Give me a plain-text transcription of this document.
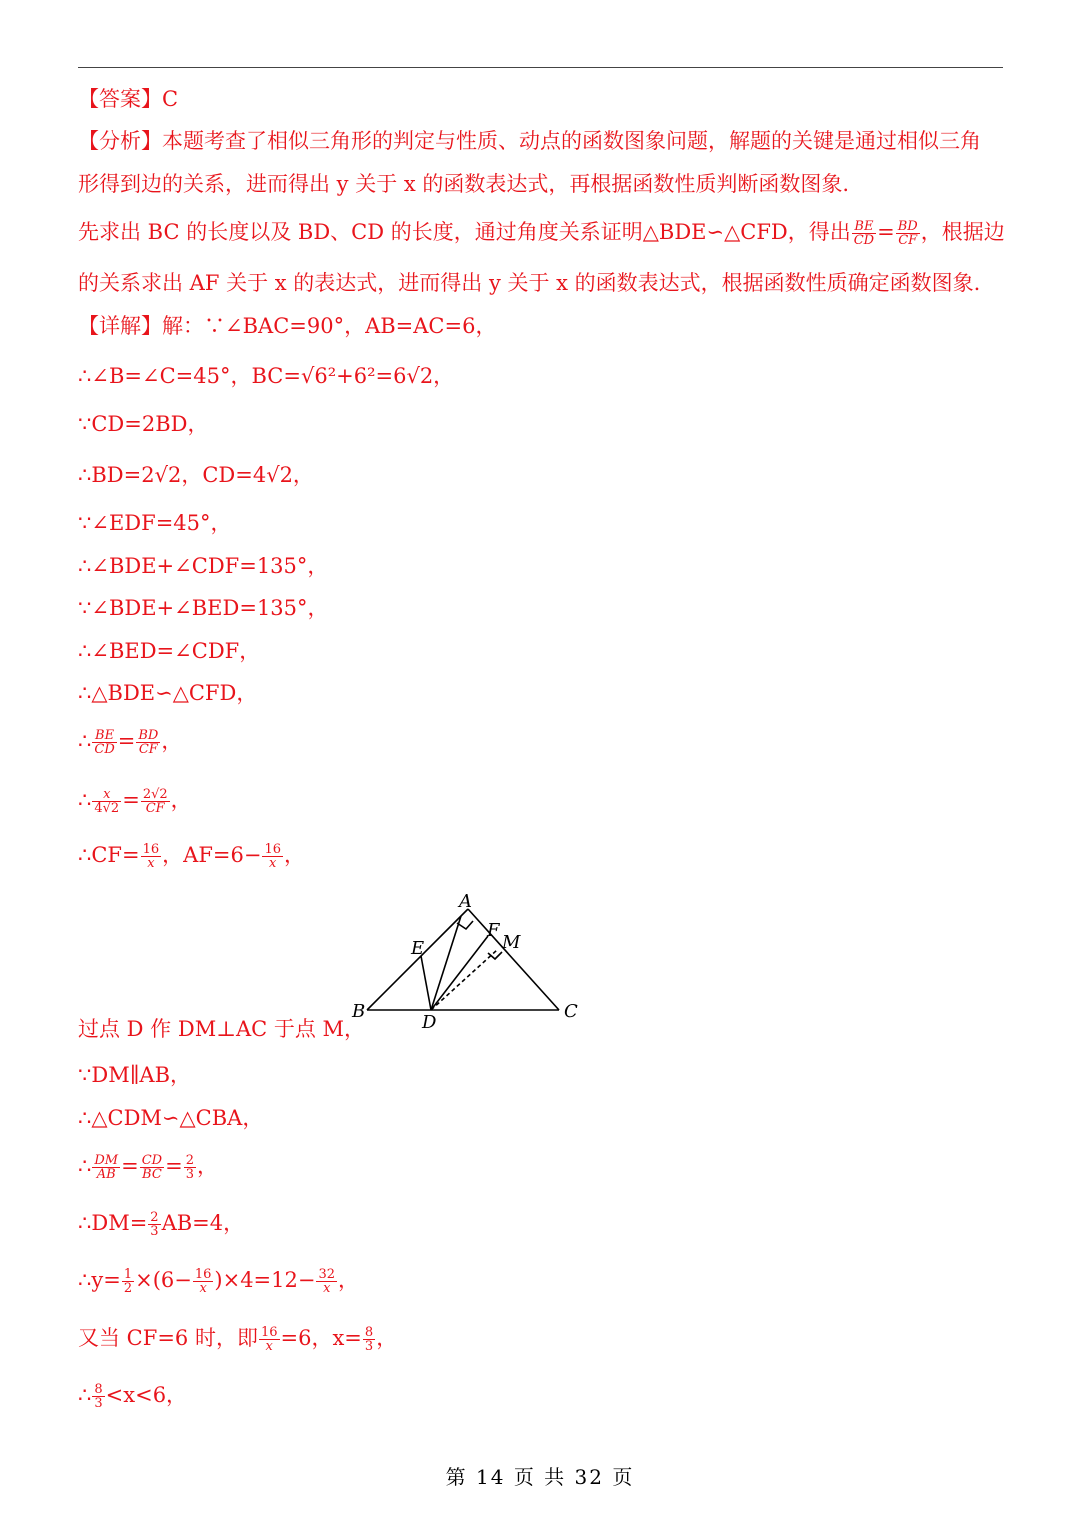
【答案】C
【分析】本题考查了相似三角形的判定与性质、动点的函数图象问题，解题的关键是通过相似三角
形得到边的关系，进而得出 y 关于 x 的函数表达式，再根据函数性质判断函数图象.
先求出 BC 的长度以及 BD、CD 的长度，通过角度关系证明△BDE∽△CFD，得出 $\frac{BE}{CD} = \frac{BD}{CF}$ ，根据边
的关系求出 AF 关于 x 的表达式，进而得出 y 关于 x 的函数表达式，根据函数性质确定函数图象.
【详解】解：∵∠BAC=90°，AB=AC=6，
∴∠B=∠C=45°，BC=√6²+6²=6√2，
∵CD=2BD，
∴BD=2√2，CD=4√2，
∵∠EDF=45°，
∴∠BDE+∠CDF=135°，
∵∠BDE+∠BED=135°，
∴∠BED=∠CDF，
∴△BDE∽△CFD，
∴ $\frac{BE}{CD} = \frac{BD}{CF}$ ，
∴ $\frac{x}{4√2} = \frac{2√2}{CF}$ ，
∴CF= $\frac{16}{x}$ ，$AF=6- \frac{16}{x}$ ，
A
B	C
D
E
F
M
过点 D 作 DM⊥AC 于点 M，
∵DM∥AB，
∴△CDM∽△CBA，
∴ $\frac{DM}{AB} = \frac{CD}{BC} = \frac{2}{3}$ ，
∴DM= $\frac{2}{3} AB=4$，
∴y= $\frac{1}{2} \times(6- \frac{16}{x} )\times 4=12- \frac{32}{x}$ ，
又当 CF=6 时，即 $\frac{16}{x} =6$，$x= \frac{8}{3}$ ，
∴ $\frac{8}{3} <x<6$，
第 14 页 共 32 页
